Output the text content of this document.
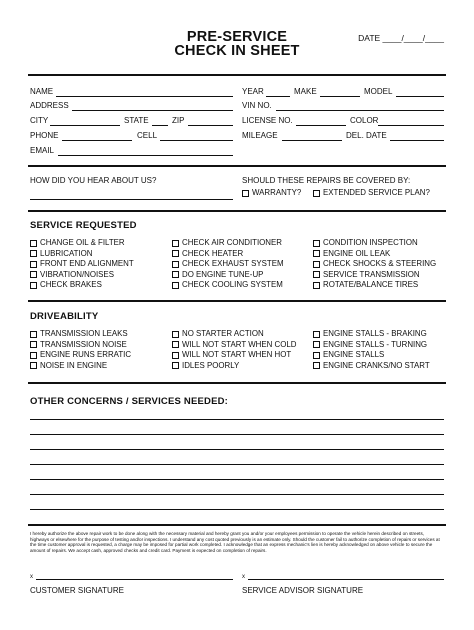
PRE-SERVICE
CHECK IN SHEET
DATE ____/____/____
NAME
ADDRESS
CITY	STATE	ZIP
PHONE	CELL
EMAIL
YEAR	MAKE	MODEL
VIN NO.
LICENSE NO.	COLOR
MILEAGE	DEL. DATE
HOW DID YOU HEAR ABOUT US?	SHOULD THESE REPAIRS BE COVERED BY:
WARRANTY?	EXTENDED SERVICE PLAN?
SERVICE REQUESTED
CHANGE OIL & FILTER
LUBRICATION
FRONT END ALIGNMENT
VIBRATION/NOISES
CHECK BRAKES
CHECK AIR CONDITIONER
CHECK HEATER
CHECK EXHAUST SYSTEM
DO ENGINE TUNE-UP
CHECK COOLING SYSTEM
CONDITION INSPECTION
ENGINE OIL LEAK
CHECK SHOCKS & STEERING
SERVICE TRANSMISSION
ROTATE/BALANCE TIRES
DRIVEABILITY
TRANSMISSION LEAKS
TRANSMISSION NOISE
ENGINE RUNS ERRATIC
NOISE IN ENGINE
NO STARTER ACTION
WILL NOT START WHEN COLD
WILL NOT START WHEN HOT
IDLES POORLY
ENGINE STALLS - BRAKING
ENGINE STALLS - TURNING
ENGINE STALLS
ENGINE CRANKS/NO START
OTHER CONCERNS / SERVICES NEEDED:
I hereby authorize the above repair work to be done along with the necessary material and hereby grant you and/or your employees permission to operate the vehicle herein described on streets, highways or elsewhere for the purpose of testing and/or inspections. I understand any cost quoted previously is an estimate only. Should the customer fail to authorize completion of repairs or services at the time customer approval is requested, a charge may be imposed for partial work completed. I acknowledge that an express mechanic's lien is hereby acknowledged on above vehicle to secure the amount of repairs. We accept cash, approved checks and credit card. Payment is expected on completion of repairs.
x	x
CUSTOMER SIGNATURE	SERVICE ADVISOR SIGNATURE
